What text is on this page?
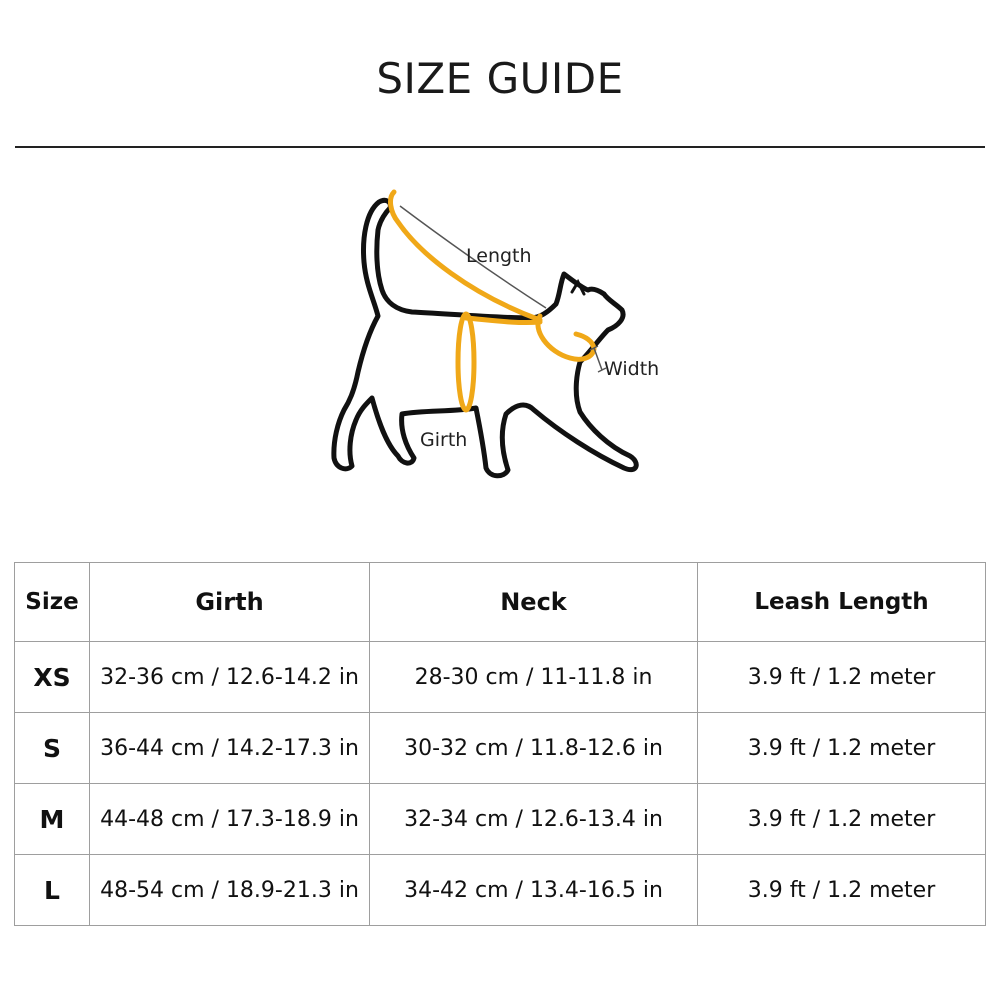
SIZE GUIDE
Length
Width
Girth
Size	Girth	Neck	Leash Length
XS	32-36 cm / 12.6-14.2 in	28-30 cm / 11-11.8 in	3.9 ft / 1.2 meter
S	36-44 cm / 14.2-17.3 in	30-32 cm / 11.8-12.6 in	3.9 ft / 1.2 meter
M	44-48 cm / 17.3-18.9 in	32-34 cm / 12.6-13.4 in	3.9 ft / 1.2 meter
L	48-54 cm / 18.9-21.3 in	34-42 cm / 13.4-16.5 in	3.9 ft / 1.2 meter
